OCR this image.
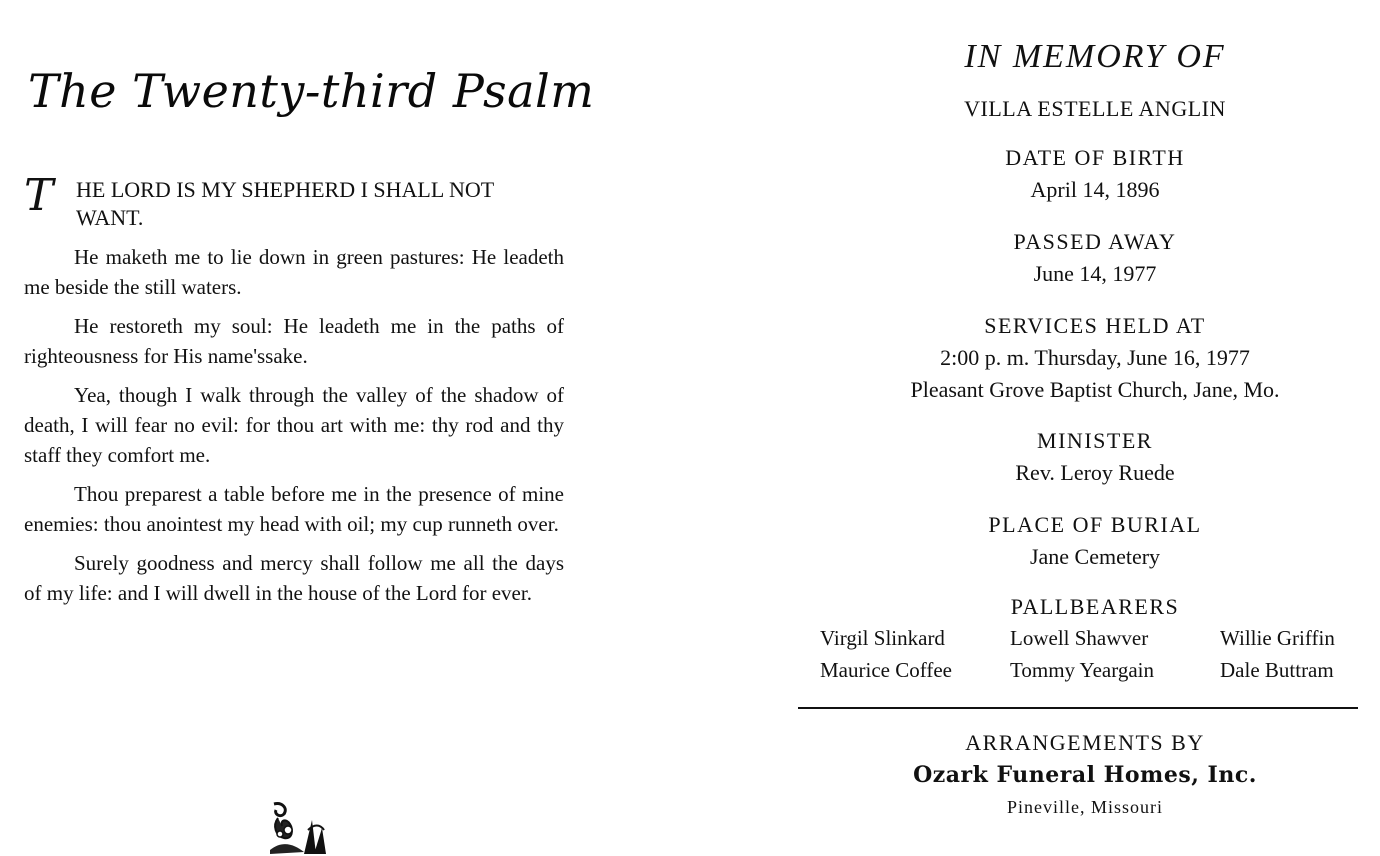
The Twenty-third Psalm

T HE LORD IS MY SHEPHERD I SHALL NOT WANT.

He maketh me to lie down in green pastures: He leadeth me beside the still waters.

He restoreth my soul: He leadeth me in the paths of righteousness for His name'ssake.

Yea, though I walk through the valley of the shadow of death, I will fear no evil: for thou art with me: thy rod and thy staff they comfort me.

Thou preparest a table before me in the presence of mine enemies: thou anointest my head with oil; my cup runneth over.

Surely goodness and mercy shall follow me all the days of my life: and I will dwell in the house of the Lord for ever.

IN MEMORY OF
VILLA ESTELLE ANGLIN
DATE OF BIRTH
April 14, 1896
PASSED AWAY
June 14, 1977
SERVICES HELD AT
2:00 p. m. Thursday, June 16, 1977
Pleasant Grove Baptist Church, Jane, Mo.
MINISTER
Rev. Leroy Ruede
PLACE OF BURIAL
Jane Cemetery
PALLBEARERS
Virgil Slinkard	Lowell Shawver	Willie Griffin
Maurice Coffee	Tommy Yeargain	Dale Buttram
ARRANGEMENTS BY
Ozark Funeral Homes, Inc.
Pineville, Missouri
